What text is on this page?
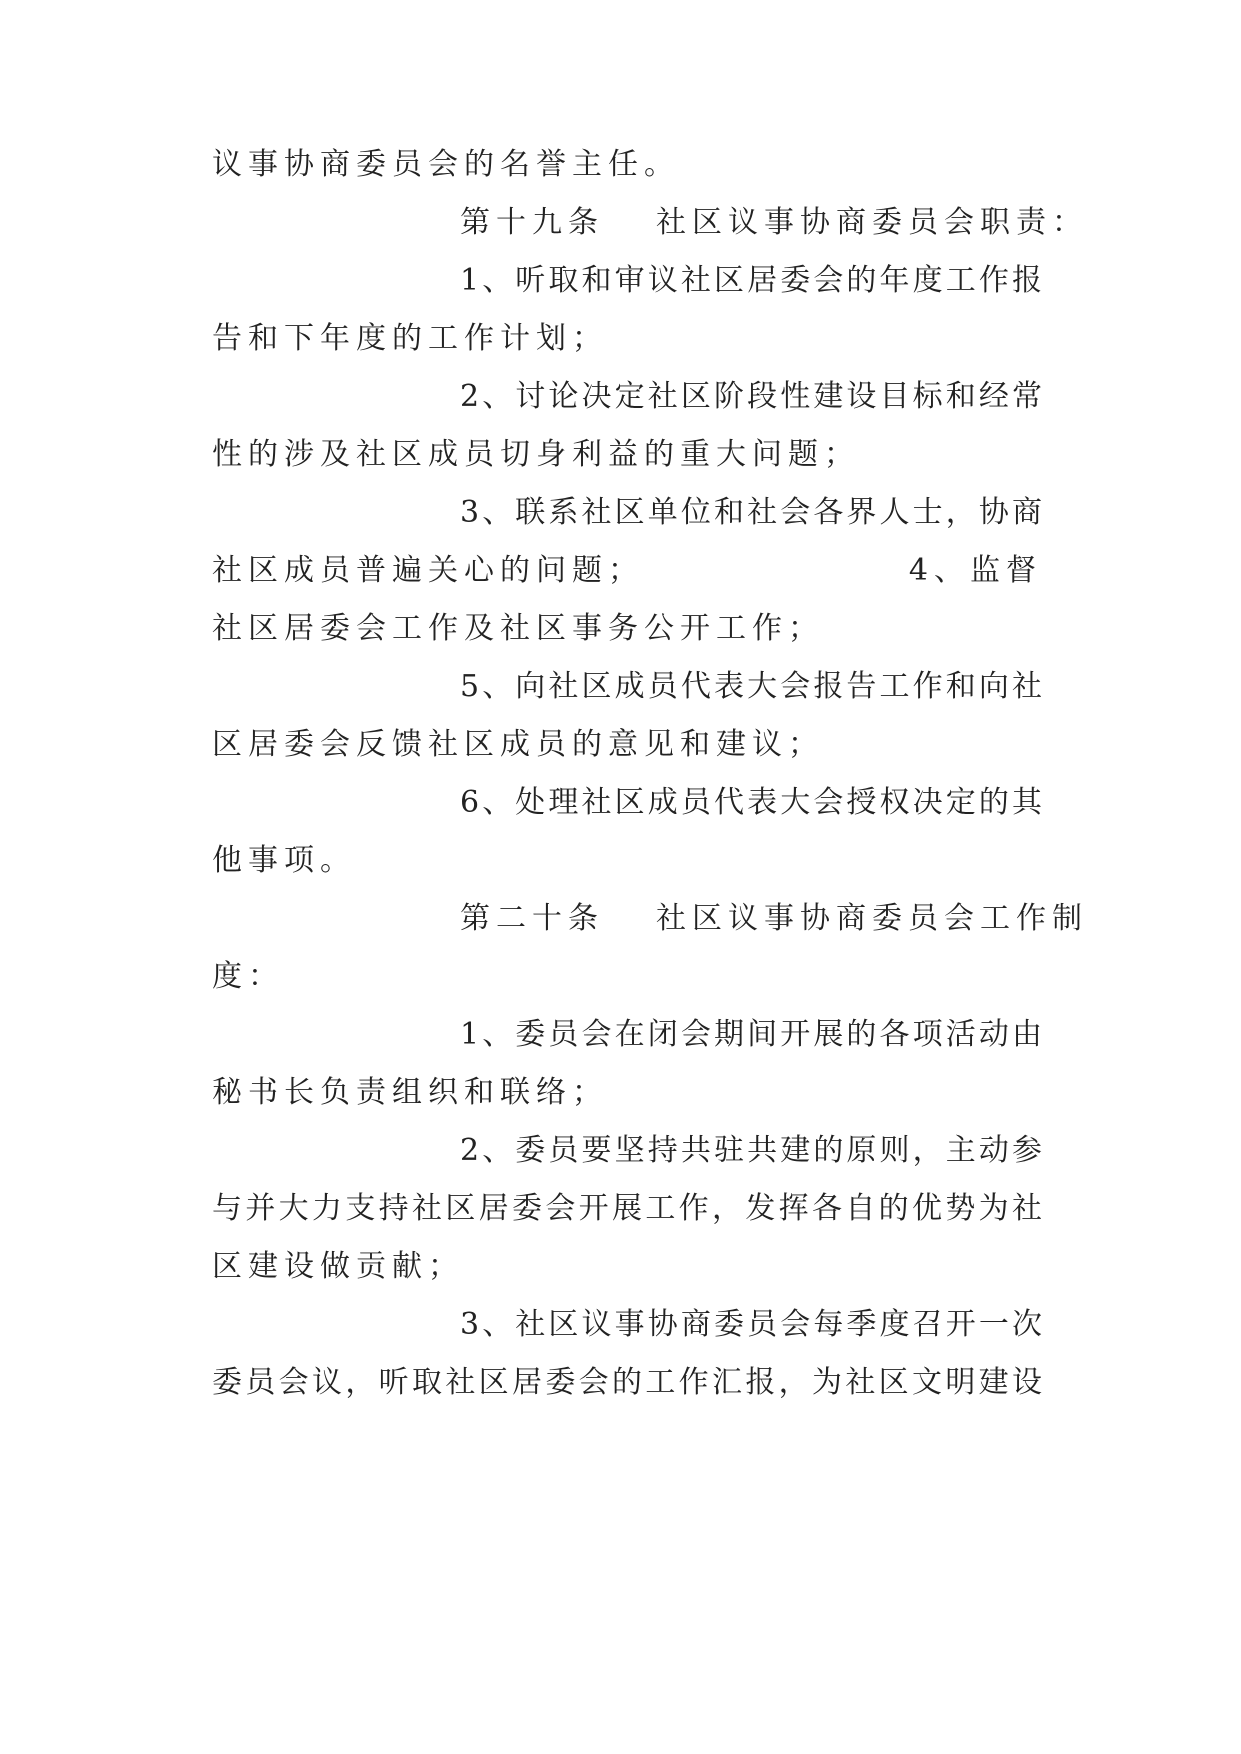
议事协商委员会的名誉主任。
第十九条 社区议事协商委员会职责：
1、听取和审议社区居委会的年度工作报
告和下年度的工作计划；
2、讨论决定社区阶段性建设目标和经常
性的涉及社区成员切身利益的重大问题；
3、联系社区单位和社会各界人士，协商
社区成员普遍关心的问题；	4、监督
社区居委会工作及社区事务公开工作；
5、向社区成员代表大会报告工作和向社
区居委会反馈社区成员的意见和建议；
6、处理社区成员代表大会授权决定的其
他事项。
第二十条 社区议事协商委员会工作制
度：
1、委员会在闭会期间开展的各项活动由
秘书长负责组织和联络；
2、委员要坚持共驻共建的原则，主动参
与并大力支持社区居委会开展工作，发挥各自的优势为社
区建设做贡献；
3、社区议事协商委员会每季度召开一次
委员会议，听取社区居委会的工作汇报，为社区文明建设
